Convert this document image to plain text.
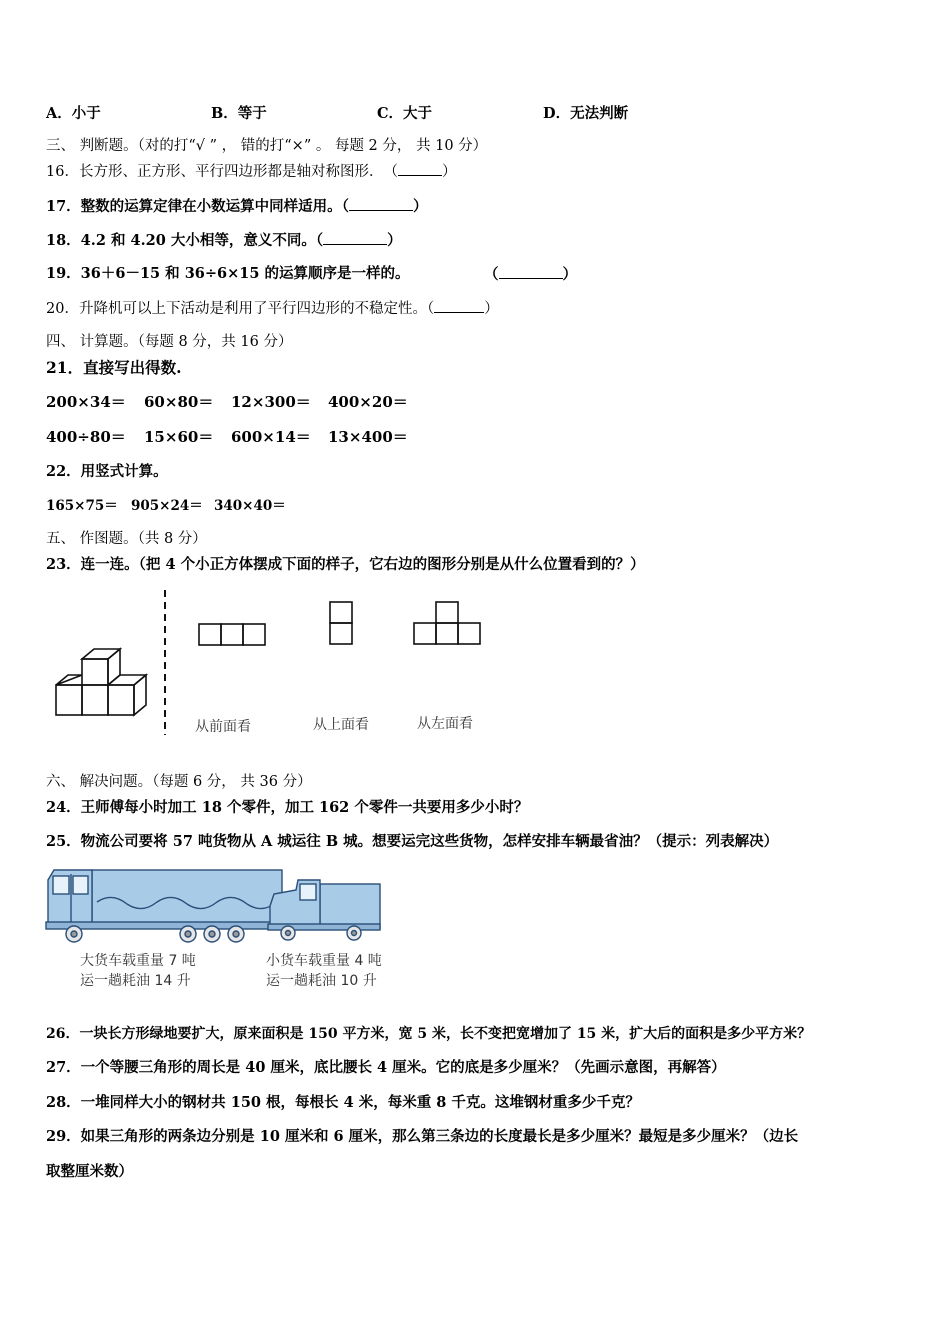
A．小于	B．等于	C．大于	D．无法判断
三、 判断题。（对的打“√ ” ， 错的打“×” 。 每题 2 分， 共 10 分）
16．长方形、正方形、平行四边形都是轴对称图形．　（	）
17．整数的运算定律在小数运算中同样适用。（	）
18．4.2 和 4.20 大小相等，意义不同。（	）
19．36＋6－15 和 36÷6×15 的运算顺序是一样的。	（	）
20．升降机可以上下活动是利用了平行四边形的不稳定性。（	）
四、 计算题。（每题 8 分，共 16 分）
21．直接写出得数.
200×34＝ 60×80＝ 12×300＝ 400×20＝
400÷80＝ 15×60＝ 600×14＝ 13×400＝
22．用竖式计算。
165×75＝ 905×24＝ 340×40＝
五、 作图题。（共 8 分）
23．连一连。（把 4 个小正方体摆成下面的样子，它右边的图形分别是从什么位置看到的？）
从前面看	从上面看	从左面看
六、 解决问题。（每题 6 分， 共 36 分）
24．王师傅每小时加工 18 个零件，加工 162 个零件一共要用多少小时？
25．物流公司要将 57 吨货物从 A 城运往 B 城。想要运完这些货物，怎样安排车辆最省油？（提示：列表解决）
大货车载重量 7 吨
运一趟耗油 14 升
小货车载重量 4 吨
运一趟耗油 10 升
26．一块长方形绿地要扩大，原来面积是 150 平方米，宽 5 米，长不变把宽增加了 15 米，扩大后的面积是多少平方米？
27．一个等腰三角形的周长是 40 厘米，底比腰长 4 厘米。它的底是多少厘米？（先画示意图，再解答）
28．一堆同样大小的钢材共 150 根，每根长 4 米，每米重 8 千克。这堆钢材重多少千克？
29．如果三角形的两条边分别是 10 厘米和 6 厘米，那么第三条边的长度最长是多少厘米？最短是多少厘米？（边长
取整厘米数）
